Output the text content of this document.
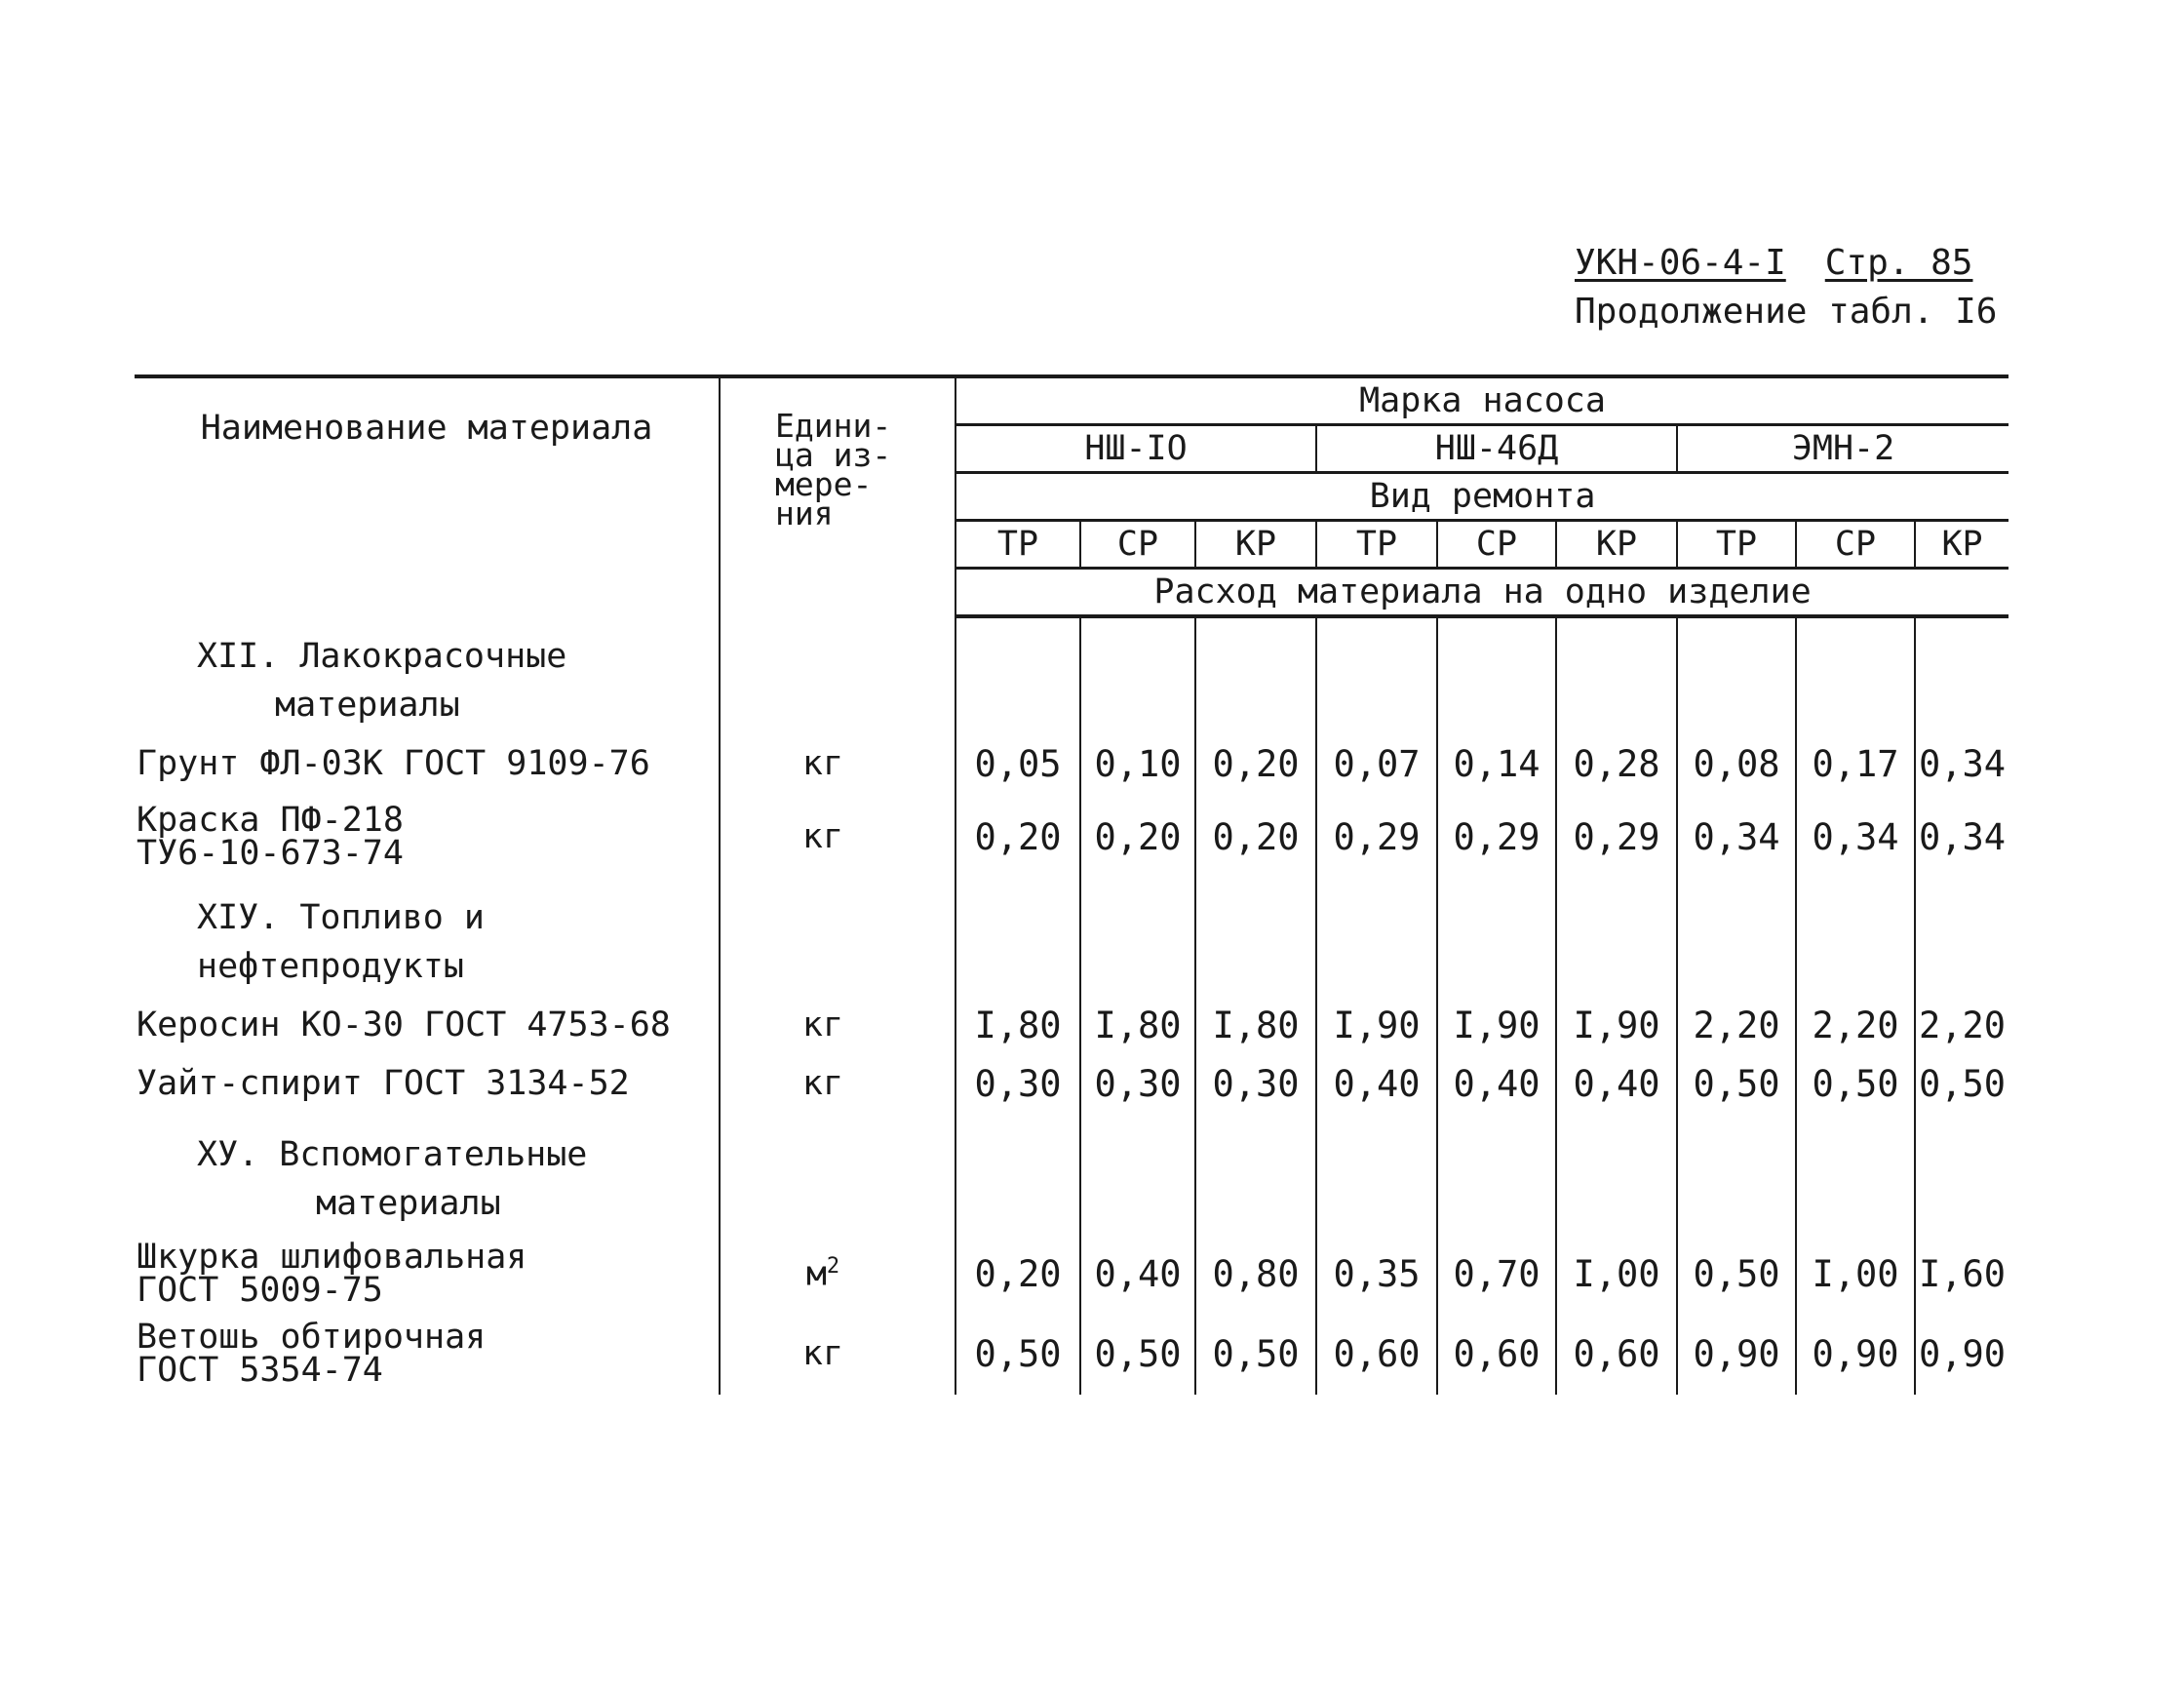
УКН-06-4-I Стр. 85
Продолжение табл. I6
Наименование материала	Едини-
ца из-
мере-
ния	Марка насоса								
		НШ-IO			НШ-46Д			ЭМН-2		
		Вид ремонта								
		ТР	СР	КР	ТР	СР	КР	ТР	СР	КР
		Расход материала на одно изделие								

XII. Лакокрасочные
материалы										

Грунт ФЛ-03К ГОСТ 9109-76	кг	0,05	0,10	0,20	0,07	0,14	0,28	0,08	0,17	0,34

Краска ПФ-218
ТУ6-10-673-74	кг	0,20	0,20	0,20	0,29	0,29	0,29	0,34	0,34	0,34

XIУ. Топливо и
нефтепродукты										

Керосин КО-30 ГОСТ 4753-68	кг	I,80	I,80	I,80	I,90	I,90	I,90	2,20	2,20	2,20

Уайт-спирит ГОСТ 3134-52	кг	0,30	0,30	0,30	0,40	0,40	0,40	0,50	0,50	0,50

XУ. Вспомогательные
материалы										

Шкурка шлифовальная
ГОСТ 5009-75	$м^2$	0,20	0,40	0,80	0,35	0,70	I,00	0,50	I,00	I,60

Ветошь обтирочная
ГОСТ 5354-74	кг	0,50	0,50	0,50	0,60	0,60	0,60	0,90	0,90	0,90
